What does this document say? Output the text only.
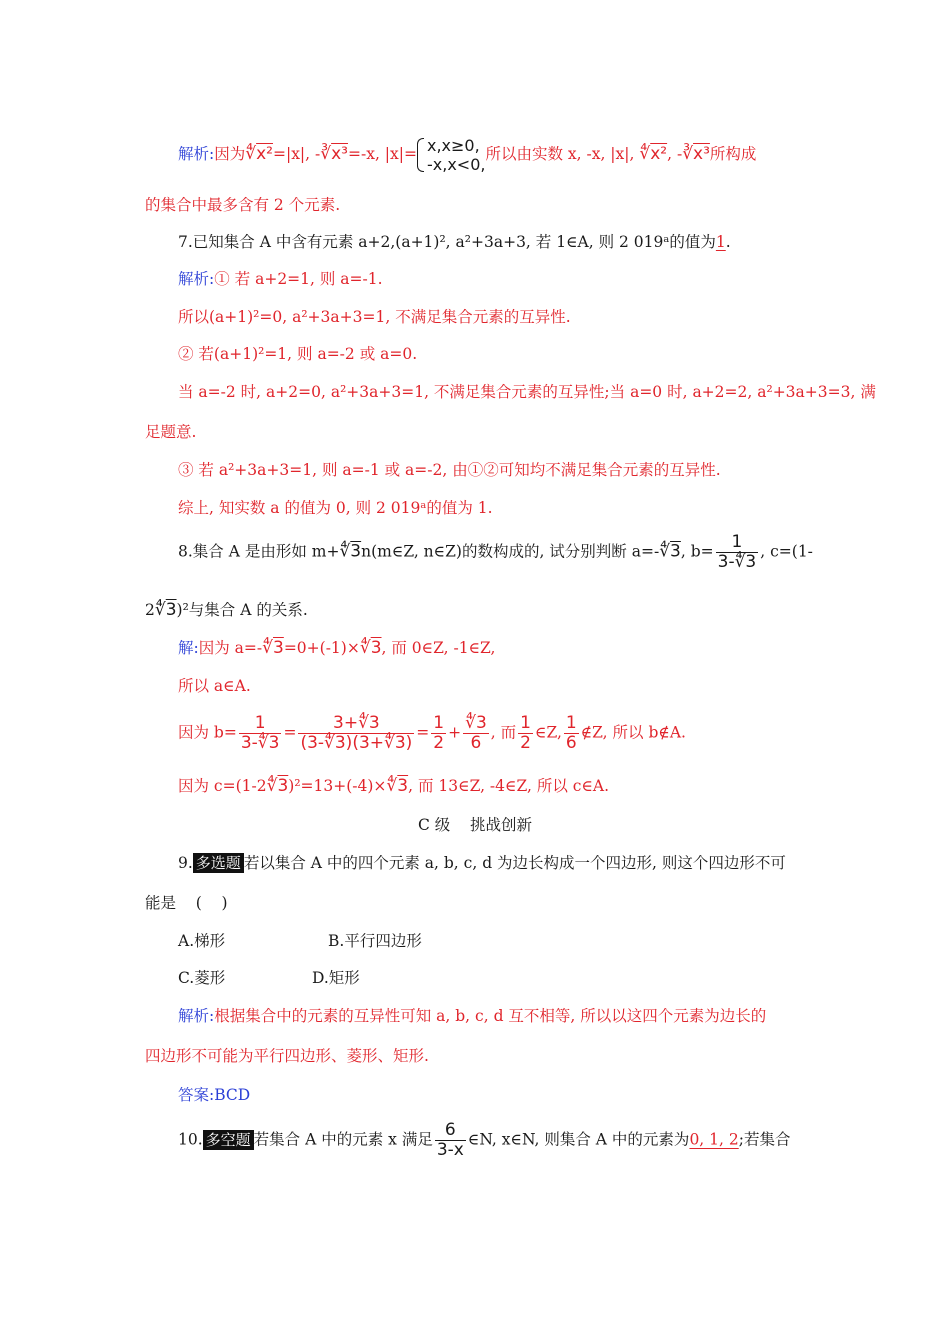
解析:因为∜x²=|x|, -∛x³=-x, |x|= x,x≥0,
-x,x<0,
所以由实数 x, -x, |x|, ∜x², -∛x³所构成
的集合中最多含有 2 个元素.
7.已知集合 A 中含有元素 a+2,(a+1)², a²+3a+3, 若 1∈A, 则 2 019ᵃ的值为1.
解析:① 若 a+2=1, 则 a=-1.
所以(a+1)²=0, a²+3a+3=1, 不满足集合元素的互异性.
② 若(a+1)²=1, 则 a=-2 或 a=0.
当 a=-2 时, a+2=0, a²+3a+3=1, 不满足集合元素的互异性;当 a=0 时, a+2=2, a²+3a+3=3, 满
足题意.
③ 若 a²+3a+3=1, 则 a=-1 或 a=-2, 由①②可知均不满足集合元素的互异性.
综上, 知实数 a 的值为 0, 则 2 019ᵃ的值为 1.
8.集合 A 是由形如 m+∜3n(m∈Z, n∈Z)的数构成的, 试分别判断 a=-∜3, $b= \frac{1}{3-∜3}$ , c=(1-
2∜3)²与集合 A 的关系.
解:因为 a=-∜3=0+(-1)×∜3, 而 0∈Z, -1∈Z,
所以 a∈A.
因为 $b= \frac{1}{3-∜3} = \frac{3+∜3}{(3-∜3)(3+∜3)} = \frac{1}{2} + \frac{∜3}{6}$ , 而 $\frac{1}{2}$ ∈Z, $\frac{1}{6}$ ∉Z, 所以 b∉A.
因为 c=(1-2∜3)²=13+(-4)×∜3, 而 13∈Z, -4∈Z, 所以 c∈A.
C 级    挑战创新
9. 多选题 若以集合 A 中的四个元素 a, b, c, d 为边长构成一个四边形, 则这个四边形不可
能是    (    )
A.梯形	B.平行四边形
C.菱形	D.矩形
解析:根据集合中的元素的互异性可知 a, b, c, d 互不相等, 所以以这四个元素为边长的
四边形不可能为平行四边形、菱形、矩形.
答案:BCD
10. 多空题 若集合 A 中的元素 x 满足 $\frac{6}{3-x}$ ∈N, x∈N, 则集合 A 中的元素为0, 1, 2;若集合
